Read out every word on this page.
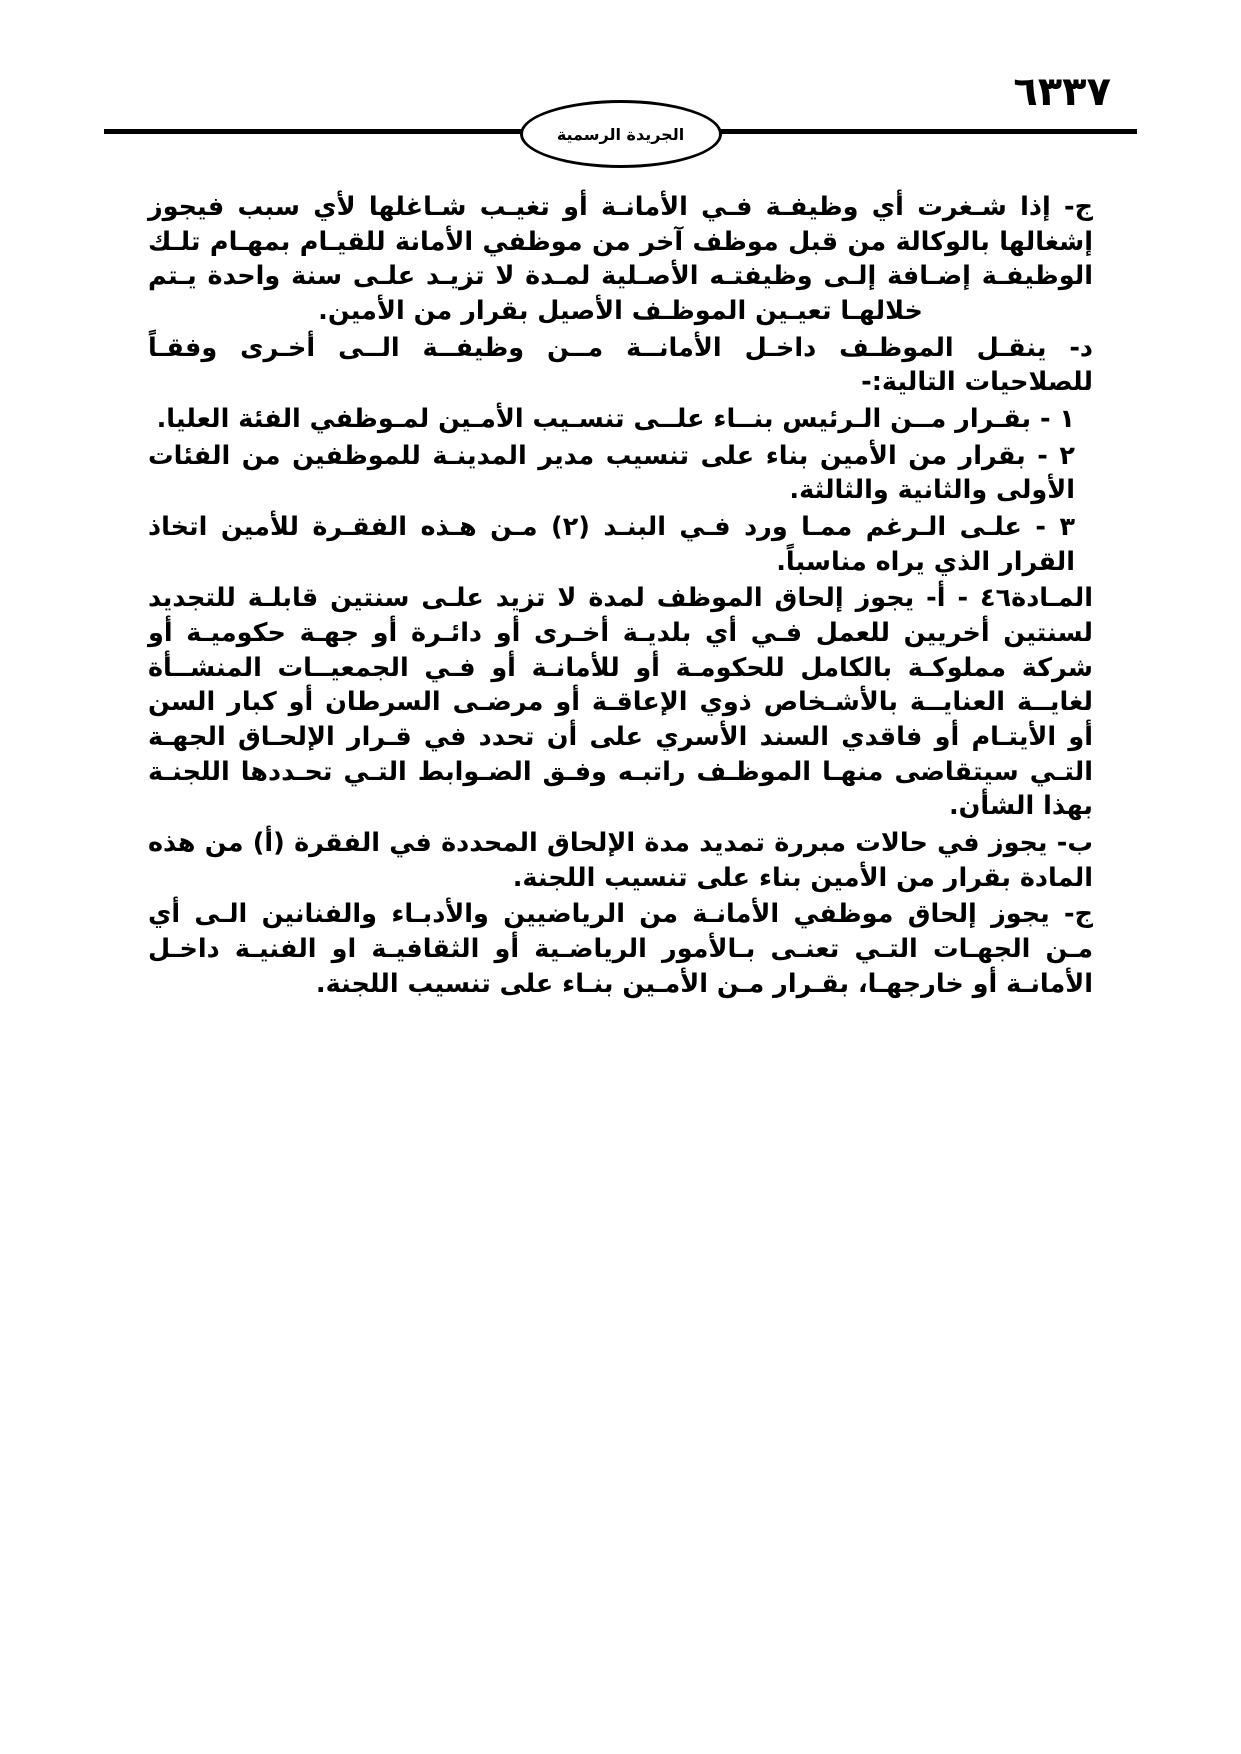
٦٣٣٧
الجريدة الرسمية

ج- إذا شـغرت أي وظيفـة فـي الأمانـة أو تغيـب شـاغلها لأي سبب فيجوز إشغالها بالوكالة من قبل موظف آخر من موظفي الأمانة للقيـام بمهـام تلـك الوظيفـة إضـافة إلـى وظيفتـه الأصـلية لمـدة لا تزيـد علـى سنة واحدة يـتم خلالهـا تعيـين الموظـف الأصيل بقرار من الأمين.

د- ينقـل الموظـف داخـل الأمانــة مــن وظيفــة الــى أخـرى وفقـاً للصلاحيات التالية:-

١ - بقـرار مــن الـرئيس بنــاء علــى تنسـيب الأمـين لمـوظفي الفئة العليا.

٢ - بقرار من الأمين بناء على تنسيب مدير المدينـة للموظفين من الفئات الأولى والثانية والثالثة.

٣ - علـى الـرغم ممـا ورد فـي البنـد (٢) مـن هـذه الفقـرة للأمين اتخاذ القرار الذي يراه مناسباً.

المـادة٤٦ - أ- يجوز إلحاق الموظف لمدة لا تزيد علـى سنتين قابلـة للتجديد لسنتين أخريين للعمل فـي أي بلديـة أخـرى أو دائـرة أو جهـة حكوميـة أو شركة مملوكـة بالكامل للحكومـة أو للأمانـة أو فـي الجمعيــات المنشــأة لغايــة العنايــة بالأشـخاص ذوي الإعاقـة أو مرضـى السرطان أو كبار السن أو الأيتـام أو فاقدي السند الأسري على أن تحدد في قـرار الإلحـاق الجهـة التـي سيتقاضى منهـا الموظـف راتبـه وفـق الضـوابط التـي تحـددها اللجنـة بهذا الشأن.

ب- يجوز في حالات مبررة تمديد مدة الإلحاق المحددة في الفقرة (أ) من هذه المادة بقرار من الأمين بناء على تنسيب اللجنة.

ج- يجوز إلحاق موظفي الأمانـة من الرياضيين والأدبـاء والفنانين الـى أي مـن الجهـات التـي تعنـى بـالأمور الرياضـية أو الثقافيـة او الفنيـة داخـل الأمانـة أو خارجهـا، بقـرار مـن الأمـين بنـاء على تنسيب اللجنة.
